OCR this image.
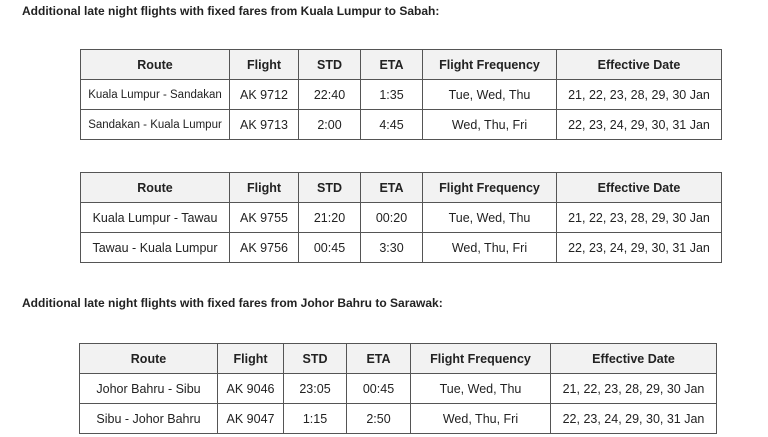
Additional late night flights with fixed fares from Kuala Lumpur to Sabah:
Route	Flight	STD	ETA	Flight Frequency	Effective Date
Kuala Lumpur - Sandakan	AK 9712	22:40	1:35	Tue, Wed, Thu	21, 22, 23, 28, 29, 30 Jan
Sandakan - Kuala Lumpur	AK 9713	2:00	4:45	Wed, Thu, Fri	22, 23, 24, 29, 30, 31 Jan
Route	Flight	STD	ETA	Flight Frequency	Effective Date
Kuala Lumpur - Tawau	AK 9755	21:20	00:20	Tue, Wed, Thu	21, 22, 23, 28, 29, 30 Jan
Tawau - Kuala Lumpur	AK 9756	00:45	3:30	Wed, Thu, Fri	22, 23, 24, 29, 30, 31 Jan
Additional late night flights with fixed fares from Johor Bahru to Sarawak:
Route	Flight	STD	ETA	Flight Frequency	Effective Date
Johor Bahru - Sibu	AK 9046	23:05	00:45	Tue, Wed, Thu	21, 22, 23, 28, 29, 30 Jan
Sibu - Johor Bahru	AK 9047	1:15	2:50	Wed, Thu, Fri	22, 23, 24, 29, 30, 31 Jan
